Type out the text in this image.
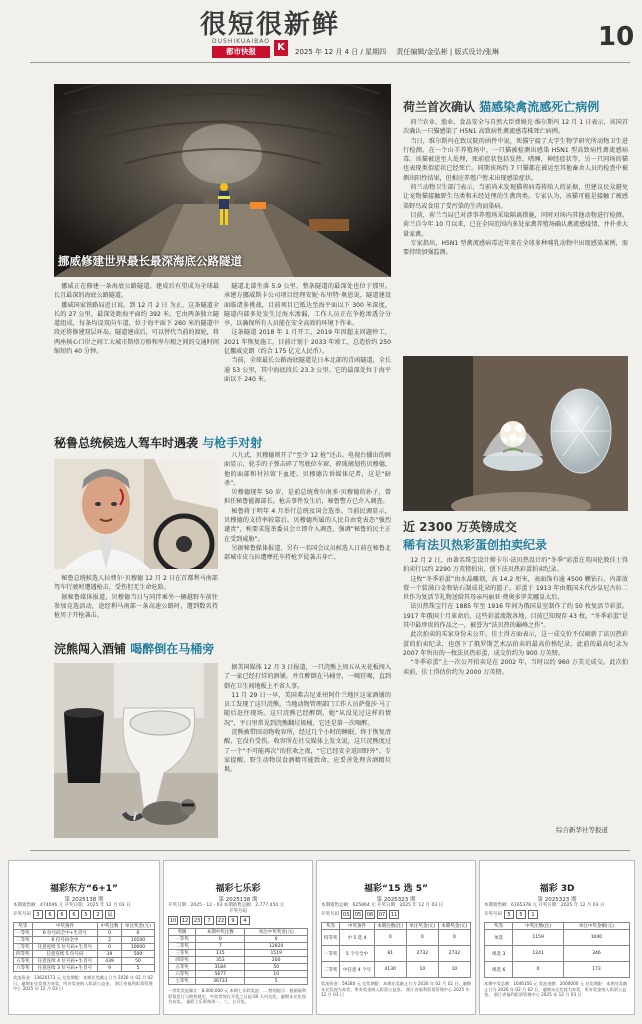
很短很新鲜
DUSHIKUAIBAO
都市快报	K	2025 年 12 月 4 日 / 星期四 责任编辑/金弘彬 | 版式设计/张琳	10
挪威修建世界最长最深海底公路隧道

挪威正在修建一条海底公路隧道，建成后有望成为全球最长且最深的海底公路隧道。

挪威国家铁路局近日说，到 12 月 2 日 为止，这条隧道全长的 27 公里，最深处距海平面约 392 米。它由两条独立隧道组成，每条均设双向车道，位于海平面下 260 米的隧道中段还将修建双层环岛。隧道建成后，可以替代当前的渡轮，将两座核心口岸之间工大城市斯塔万格和卑尔根之间的交通时间缩短约 40 分钟。

隧道北部坐落 5.9 公里，整条隧道的最深处也位于那里。承建方挪威斯卡公司项目经理安妮·布里特·奥恩说，隧道建设面临诸多挑战，目前项目已抵达至海平面以下 300 米深度，隧道内部多处发生过海水渗漏，工作人员正在争抢渗透分分享，以确保所有人员能在安全高效的环境下作业。

这条隧道 2018 年 1 月开工，2019 年因超支问题停工，2021 年恢复施工，目前计划于 2033 年竣工，总造价约 250 亿挪威克朗（约合 175 亿元人民币）。

当前，全球最长公路海底隧道是日本北部的青函隧道，全长逾 53 公里，其中海底段长 23.3 公里。它的最深处位于海平面以下 240 米。

秘鲁总统候选人驾车时遇袭 与枪手对射

秘鲁总统候选人拉费尔·贝穆德 12 月 2 日在首都利马南部驾车行驶时遭遇枪击，受伤但无生命危险。

据秘鲁媒体报道，贝穆德当日与同伴乘坐一辆越野车前往参加竞选活动，途经利马南部一条高速公路时，遭到数名持枪男子开枪袭击。

八九式，贝穆德则开了“至少 12 枪”还击。电视台播出的画面显示，轮手的子弹击碎了驾驶位车窗，碎玻璃划伤贝穆德，他的面部和衬衫留下血迹。贝穆德告诉媒体记者，这是“暗杀”。

贝穆德现年 50 岁，是前总统费尔南多·贝穆德的孙子，曾担任秘鲁能源部长。枪击事件发生后，秘鲁警方已介入调查。

秘鲁将于明年 4 月举行总统及国会选举。当前民调显示，贝穆德的支持率较靠后。贝穆德所属的人民自由党表态“强烈谴责”，称要求选举委员会立即介入调查，强调“秘鲁的民主正在受到威胁”。

另据秘鲁媒体报道，另有一名国会议员候选人日前在秘鲁北部城市皮乌拉遭摩托车持枪歹徒袭击身亡。

浣熊闯入酒铺 喝醉倒在马桶旁

据美国媒体 12 月 3 日报道，一只浣熊上周五从天花板闯入了一家已经打烊的酒铺，并且醉倒在马桶旁，一喝狂喝，直到倒在卫生间地板上不省人事。

11 月 29 日一早，美国弗吉尼亚州阿什兰地区这家酒铺的员工发现了这只浣熊，当地动物管理部门工作人员萨曼莎·马丁随后赶往现场。这只浣熊已经醉倒，她“从没见过这样的情况”，平日里常见到浣熊翻垃圾桶，它还是第一次喝醉。

浣熊被带回动物收容所，经过几个小时的睡眠，终于恢复清醒，它没有受伤。收容所在社交媒体上发文说，这只浣熊度过了一个“不可能再次”的狂欢之夜，“它已经安全返回野外”。专家提醒，野生动物误食酒精可能致命，应妥善处理含酒精垃圾。

荷兰首次确认 猫感染禽流感死亡病例

荷兰农业、渔业、食品安全与自然大臣费姆克·维尔斯玛 12 月 1 日表示，该国首次确认一只猫感染了 H5N1 高致病性禽流感毒株死亡病例。

当日，维尔斯玛在致议院的函件中说，死猫宁接了大学生物学研究所动物卫生进行检测，在一个山羊养殖场中，一只猫被检测出感染 H5N1 型高致病性禽流感病毒。该猫被送至人处理，死前症状包括发热、嗜睡、神经症状等，另一只同场的猫也表现类似症状已经死亡。同期该场约 7 只猫都在被运至其他畜舍人员的检查中被测出阳性结果，但相应养殖户暂未出现感染症状。

荷兰动物卫生部门表示，当前尚未发现猫将病毒传给人的证据，但建议民众避免让宠物猫接触野生鸟类和未经处理的生禽肉类。专家认为，该猫可能是接触了被感染野鸟或食用了受污染的生肉而染病。

目前，荷兰当局已对涉事养殖场采取隔离措施，同时对场内其他动物进行检测。荷兰自今年 10 月以来，已在全国范围内多处家禽养殖场确认禽流感疫情，并扑杀大量家禽。

专家指出，H5N1 型禽流感病毒近年来在全球多种哺乳动物中出现感染案例，需要持续加强监测。

近 2300 万英镑成交
稀有法贝热彩蛋创拍卖纪录

12 月 2 日，由著名珠宝设计师卡尔·法贝热设计的“冬季”彩蛋在英国伦敦佳士得拍卖行以约 2290 万英镑拍出，创下法贝热彩蛋拍卖纪录。

这枚“冬季彩蛋”由水晶雕刻，高 14.2 厘米，表面饰有逾 4500 颗钻石，内部放置一个装满白金和钻石制成花朵的篮子。彩蛋于 1913 年由俄国末代沙皇尼古拉二世作为复活节礼物送给其母亲玛丽亚·费奥多罗芙娜皇太后。

法贝热珠宝行在 1885 年至 1916 年间为俄国皇室制作了约 50 枚复活节彩蛋。1917 年俄国十月革命后，这些彩蛋流散各地，目前已知现存 43 枚。“冬季彩蛋”是其中最珍贵的作品之一，被誉为“法贝热的巅峰之作”。

此次拍卖的买家身份未公开。佳士得方面表示，这一成交价不仅刷新了法贝热彩蛋的拍卖纪录，也创下了俄罗斯艺术品拍卖的最高价格纪录。此前的最高纪录为 2007 年售出的一枚法贝热彩蛋，成交价约为 900 万英镑。

“冬季彩蛋”上一次公开拍卖是在 2002 年，当时以约 960 万美元成交。此次拍卖前，佳士得估价约为 2000 万英镑。

综合新华社等报道
福彩东方“6+1”
第 2025138 期
本期销售额：474046 元 开奖日期：2025 年 12 月 03 日
开奖号码	3	6	6	6	5	2	鼠
奖等	中奖条件	中奖注数	单注奖金(元)
一等奖	6 位号码全中+生肖号	0	0
二等奖	6 位号码全中	2	10100
三等奖	任意连续 5 位号码+生肖号	0	10000
四等奖	任意连续 5 位号码	39	500
五等奖	任意连续 4 位号码+生肖号	439	50
六等奖	任意连续 3 位号码+生肖号	9	5
奖池资金：13626173 元 兑奖期限：本期兑奖截止日为 2026 年 02 月 02 日，逾期未兑奖视为弃奖，所弃奖金纳入彩票公益金。 浙江省福利彩票管理中心 2025 年 12 月 03 日
福彩七乐彩
第 2025138 期
开奖日期：2025 - 12 - 03 本期销售总额：2,777,450 元
开奖号码
10	12	23	7	22	9	4
奖级	本期中奖注数	单注中奖奖金(元)
一等奖	0	0
二等奖	7	12820
三等奖	115	1519
四等奖	353	200
五等奖	3184	50
六等奖	5677	10
七等奖	36733	5
一等奖奖池累计：8,000,000 元 本期七乐彩奖池：... 特别提示：根据福利彩票发行与销售规定，中奖者须在开奖之日起 60 天内兑奖，逾期未兑奖视为弃奖。 福彩七乐彩每周一、三、五开奖。
福彩“15 选 5”
第 2025323 期
本期销售总额：625864 元 开奖日期：2025 年 12 月 03 日
开奖号码 03	05	06	07	11
奖等	中奖条件	本期注数(注)	单注奖金(元)	本期奖金(元)
特等奖	中 5 选 4	0	0	0
一等奖	5 个号全中	81	2732	2732
二等奖	中任意 4 个号	4130	10	10
奖池资金：59280 元 兑奖期限：本期兑奖截止日为 2026 年 02 月 02 日，逾期未兑奖视为弃奖，所弃奖金纳入彩票公益金。 浙江省福利彩票管理中心 2025 年 12 月 03 日
福彩 3D
第 2025323 期
本期销售额：6165378 元 开奖日期：2025 年 12 月 03 日
开奖号码	5	5	1
奖等	中奖注数(注)	单注中奖金额(元)
单选	1159	1040
组选 3	1241	346
组选 6	0	173
本期中奖总额：1646150 元 奖池金额：2000000 元 兑奖期限：本期兑奖截止日为 2026 年 02 月 02 日，逾期未兑奖视为弃奖，所弃奖金纳入彩票公益金。 浙江省福利彩票管理中心 2025 年 12 月 03 日
